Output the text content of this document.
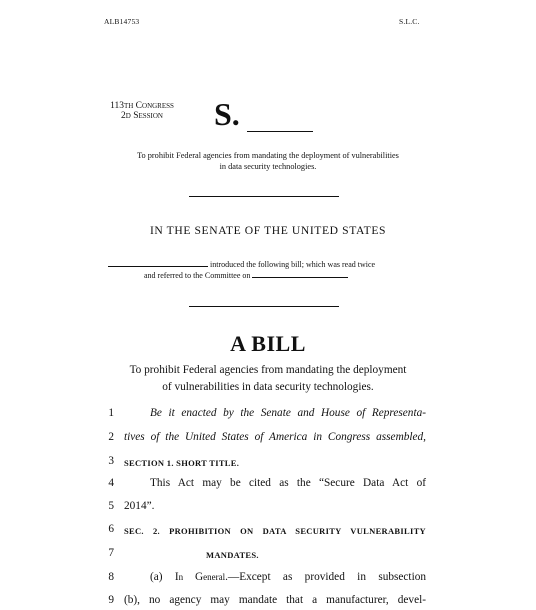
ALB14753	S.L.C.
113th Congress
2d Session	S.
To prohibit Federal agencies from mandating the deployment of vulnerabilities
in data security technologies.
IN THE SENATE OF THE UNITED STATES
introduced the following bill; which was read twice
and referred to the Committee on
A BILL
To prohibit Federal agencies from mandating the deployment
of vulnerabilities in data security technologies.
1	Be it enacted by the Senate and House of Representa-
2 tives of the United States of America in Congress assembled,
3 SECTION 1. SHORT TITLE.
4	This Act may be cited as the “Secure Data Act of
5 2014”.
6 SEC. 2. PROHIBITION ON DATA SECURITY VULNERABILITY
7	MANDATES.
8	(a) In General.—Except as provided in subsection
9 (b), no agency may mandate that a manufacturer, devel-
